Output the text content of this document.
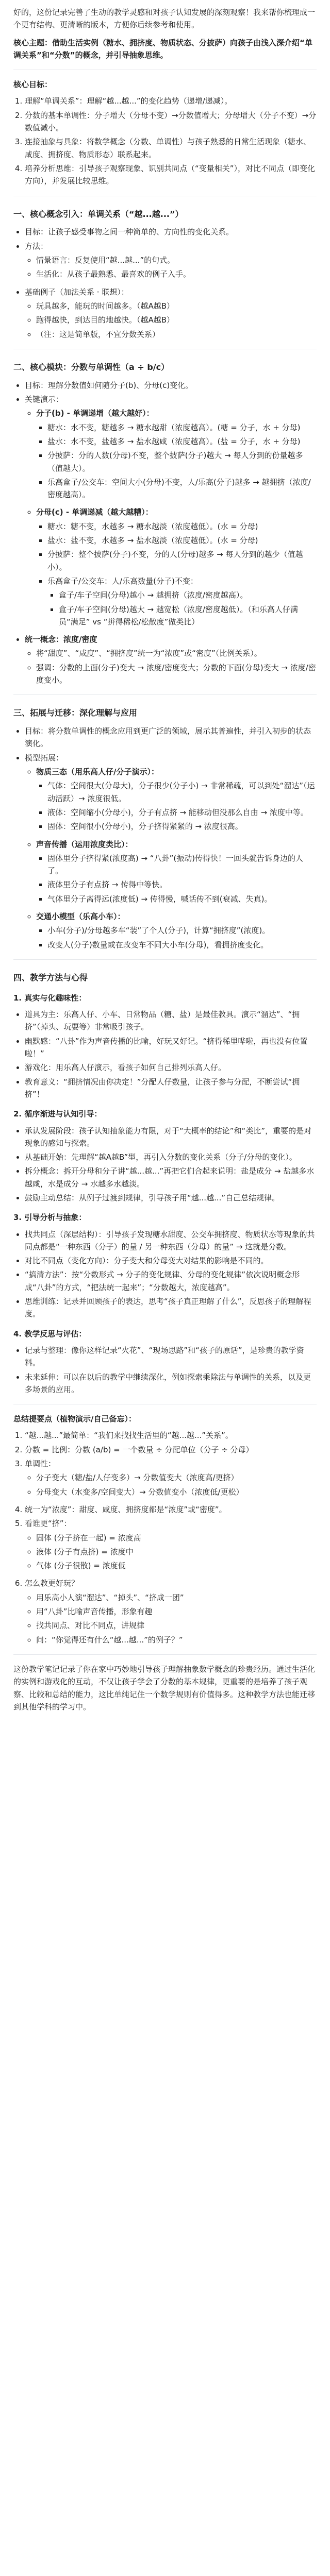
好的，这份记录完善了生动的教学灵感和对孩子认知发展的深刻观察！我来帮你梳理成一个更有结构、更清晰的版本，方便你后续参考和使用。

核心主题：借助生活实例（糖水、拥挤度、物质状态、分披萨）向孩子由浅入深介绍“单调关系”和“分数”的概念，并引导抽象思维。

核心目标：
1. 理解“单调关系”：理解“越...越...”的变化趋势（递增/递减）。
2. 分数的基本单调性：分子增大（分母不变）→分数值增大；分母增大（分子不变）→分数值减小。
3. 连接抽象与具象：将数学概念（分数、单调性）与孩子熟悉的日常生活现象（糖水、咸度、拥挤度、物质形态）联系起来。
4. 培养分析思维：引导孩子观察现象、识别共同点（“变量相关”），对比不同点（即变化方向），并发展比较思维。
一、核心概念引入：单调关系（“越...越...”）
• 目标：让孩子感受事物之间一种简单的、方向性的变化关系。
• 方法：
◦ 情景语言：反复使用“越...越...”的句式。
◦ 生活化：从孩子最熟悉、最喜欢的例子入手。
• 基础例子（加法关系 · 联想）：
◦ 玩具越多，能玩的时间越多。（越A越B）
◦ 跑得越快，到达目的地越快。（越A越B）
◦ （注：这是简单版，不宜分数关系）
二、核心模块：分数与单调性（a ÷ b/c）
• 目标：理解分数值如何随分子(b)、分母(c)变化。
• 关键演示：
◦ 分子(b) - 单调递增（越大越好）：
▪ 糖水：水不变，糖越多 → 糖水越甜（浓度越高）。(糖 = 分子，水 + 分母)
▪ 盐水：水不变，盐越多 → 盐水越咸（浓度越高）。(盐 = 分子，水 + 分母)
▪ 分披萨：分的人数(分母)不变，整个披萨(分子)越大 → 每人分到的份量越多（值越大）。
▪ 乐高盒子/公交车：空间大小(分母)不变，人/乐高(分子)越多 → 越拥挤（浓度/密度越高）。
◦ 分母(c) - 单调递减（越大越糟）：
▪ 糖水：糖不变，水越多 → 糖水越淡（浓度越低）。(水 = 分母)
▪ 盐水：盐不变，水越多 → 盐水越淡（浓度越低）。(水 = 分母)
▪ 分披萨：整个披萨(分子)不变，分的人(分母)越多 → 每人分到的越少（值越小）。
▪ 乐高盒子/公交车：人/乐高数量(分子)不变：
▪ 盒子/车子空间(分母)越小 → 越拥挤（浓度/密度越高）。
▪ 盒子/车子空间(分母)越大 → 越宽松（浓度/密度越低）。（和乐高人仔满员“满足” vs “拼得稀松/松散度”做类比）
• 统一概念：浓度/密度
◦ 将“甜度”、“咸度”、“拥挤度”统一为“浓度”或“密度”（比例关系）。
◦ 强调：分数的上面(分子)变大 → 浓度/密度变大；分数的下面(分母)变大 → 浓度/密度变小。
三、拓展与迁移：深化理解与应用
• 目标：将分数单调性的概念应用到更广泛的领域，展示其普遍性，并引入初步的状态演化。
• 模型拓展：
◦ 物质三态（用乐高人仔/分子演示）：
▪ 气体：空间很大(分母大)，分子很少(分子小) → 非常稀疏，可以到处“溜达”（运动活跃）→ 浓度很低。
▪ 液体：空间缩小(分母小)，分子有点挤 → 能移动但没那么自由 → 浓度中等。
▪ 固体：空间很小(分母小)，分子挤得紧紧的 → 浓度很高。
◦ 声音传播（运用浓度类比）：
▪ 固体里分子挤得紧(浓度高) → “八卦”(振动)传得快！一回头就告诉身边的人了。
▪ 液体里分子有点挤 → 传得中等快。
▪ 气体里分子离得远(浓度低) → 传得慢，喊话传不到(衰减、失真)。
◦ 交通小模型（乐高小车）：
▪ 小车(分子)/分母越多车“装”了个人(分子)，计算“拥挤度”(浓度)。
▪ 改变人(分子)数量或在改变车不同大小车(分母)，看拥挤度变化。
四、教学方法与心得
1. 真实与化趣味性：
• 道具为主：乐高人仔、小车、日常物品（糖、盐）是最佳教具。演示“溜达”、“拥挤”（掉头、玩耍等）非常吸引孩子。
• 幽默感：“八卦”作为声音传播的比喻，好玩又好记。“挤得稀里哗啦，再也没有位置啦！”
• 游戏化：用乐高人仔演示，看孩子如何自己排列乐高人仔。
• 教育意义：“拥挤情况由你决定！”分配人仔数量，让孩子参与分配，不断尝试“拥挤”！
2. 循序渐进与认知引导：
• 承认发展阶段：孩子认知抽象能力有限，对于“大概率的结论”和“类比”，重要的是对现象的感知与探索。
• 从基础开始：先理解“越A越B”型，再引入分数的变化关系（分子/分母的变化）。
• 拆分概念：拆开分母和分子讲“越...越...”再把它们合起来说明：盐是成分 → 盐越多水越咸，水是成分 → 水越多水越淡。
• 鼓励主动总结：从例子过渡到规律，引导孩子用“越...越...”自己总结规律。
3. 引导分析与抽象：
• 找共同点（深层结构）：引导孩子发现糖水甜度、公交车拥挤度、物质状态等现象的共同点都是“一种东西（分子）的量 / 另一种东西（分母）的量” → 这就是分数。
• 对比不同点（变化方向）：分子变大和分母变大对结果的影响是不同的。
• “搞清方法”：按“分数形式 → 分子的变化规律、分母的变化规律”依次说明概念形成“八卦”的方式，“把法统一起来”；“分数越大，浓度越高”。
• 思维训练：记录并回顾孩子的表达，思考“孩子真正理解了什么”，反思孩子的理解程度。
4. 教学反思与评估：
• 记录与整理：像你这样记录“火花”、“现场思路”和“孩子的原话”，是珍贵的教学资料。
• 未来延伸：可以在以后的教学中继续深化，例如探索乘除法与单调性的关系，以及更多场景的应用。
总结提要点（植物演示/自己备忘）：
1. “越...越...”最简单：“我们来找找生活里的“越...越...”关系”。
2. 分数 = 比例：分数 (a/b) = 一个数量 ÷ 分配单位（分子 ÷ 分母）
3. 单调性：
◦ 分子变大（糖/盐/人仔变多）→ 分数值变大（浓度高/更挤）
◦ 分母变大（水变多/空间变大）→ 分数值变小（浓度低/更松）
4. 统一为“浓度”：甜度、咸度、拥挤度都是“浓度”或“密度”。
5. 看谁更“挤”：
◦ 固体 (分子挤在一起) = 浓度高
◦ 液体 (分子有点挤) = 浓度中
◦ 气体 (分子很散) = 浓度低
6. 怎么教更好玩？
◦ 用乐高小人演“溜达”、“掉头”、“挤成一团”
◦ 用“八卦”比喻声音传播，形象有趣
◦ 找共同点、对比不同点，讲规律
◦ 问：“你觉得还有什么“越...越...”的例子？”

这份教学笔记记录了你在家中巧妙地引导孩子理解抽象数学概念的珍贵经历。通过生活化的实例和游戏化的互动，不仅让孩子学会了分数的基本规律，更重要的是培养了孩子观察、比较和总结的能力，这比单纯记住一个数学规则有价值得多。这种教学方法也能迁移到其他学科的学习中。
